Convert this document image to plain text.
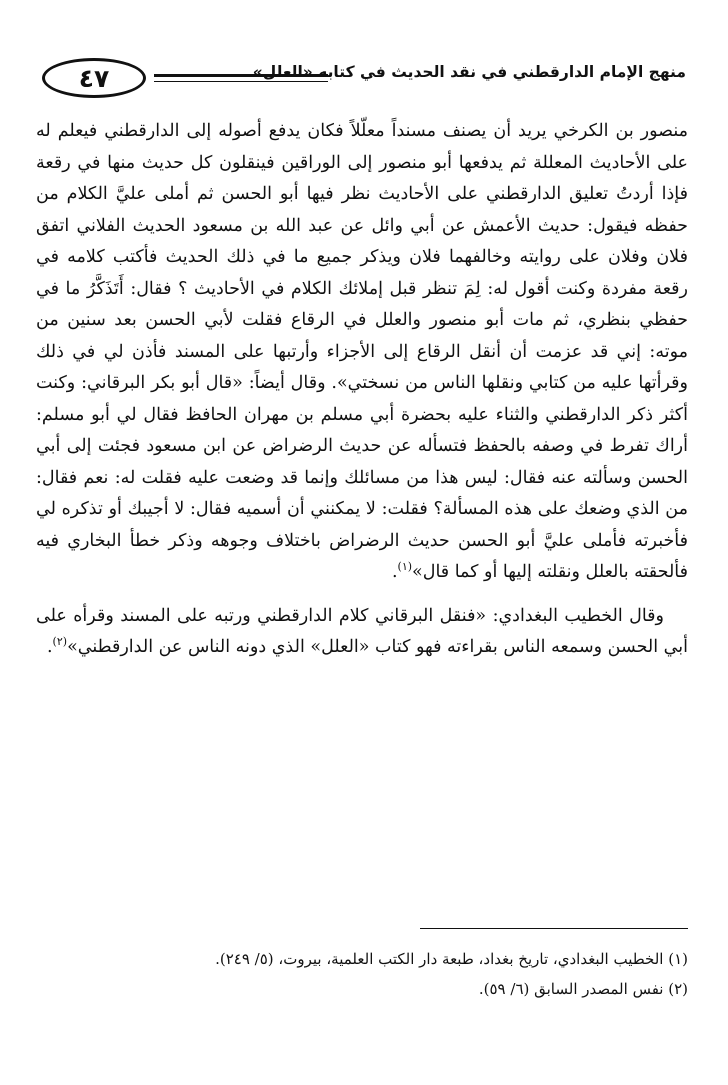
٤٧	منهج الإمام الدارقطني في نقد الحديث في كتابه «العلل»

منصور بن الكرخي يريد أن يصنف مسنداً معلّلاً فكان يدفع أصوله إلى الدارقطني فيعلم له على الأحاديث المعللة ثم يدفعها أبو منصور إلى الوراقين فينقلون كل حديث منها في رقعة فإذا أردتُ تعليق الدارقطني على الأحاديث نظر فيها أبو الحسن ثم أملى عليَّ الكلام من حفظه فيقول: حديث الأعمش عن أبي وائل عن عبد الله بن مسعود الحديث الفلاني اتفق فلان وفلان على روايته وخالفهما فلان ويذكر جميع ما في ذلك الحديث فأكتب كلامه في رقعة مفردة وكنت أقول له: لِمَ تنظر قبل إملائك الكلام في الأحاديث ؟ فقال: أَتَذَكَّرُ ما في حفظي بنظري، ثم مات أبو منصور والعلل في الرقاع فقلت لأبي الحسن بعد سنين من موته: إني قد عزمت أن أنقل الرقاع إلى الأجزاء وأرتبها على المسند فأذن لي في ذلك وقرأتها عليه من كتابي ونقلها الناس من نسختي». وقال أيضاً: «قال أبو بكر البرقاني: وكنت أكثر ذكر الدارقطني والثناء عليه بحضرة أبي مسلم بن مهران الحافظ فقال لي أبو مسلم: أراك تفرط في وصفه بالحفظ فتسأله عن حديث الرضراض عن ابن مسعود فجئت إلى أبي الحسن وسألته عنه فقال: ليس هذا من مسائلك وإنما قد وضعت عليه فقلت له: نعم فقال: من الذي وضعك على هذه المسألة؟ فقلت: لا يمكنني أن أسميه فقال: لا أجيبك أو تذكره لي فأخبرته فأملى عليَّ أبو الحسن حديث الرضراض باختلاف وجوهه وذكر خطأ البخاري فيه فألحقته بالعلل ونقلته إليها أو كما قال»$^{(١)}$.

وقال الخطيب البغدادي: «فنقل البرقاني كلام الدارقطني ورتبه على المسند وقرأه على أبي الحسن وسمعه الناس بقراءته فهو كتاب «العلل» الذي دونه الناس عن الدارقطني»$^{(٢)}$.

(١) الخطيب البغدادي، تاريخ بغداد، طبعة دار الكتب العلمية، بيروت، (٥/ ٢٤٩).

(٢) نفس المصدر السابق (٦/ ٥٩).
